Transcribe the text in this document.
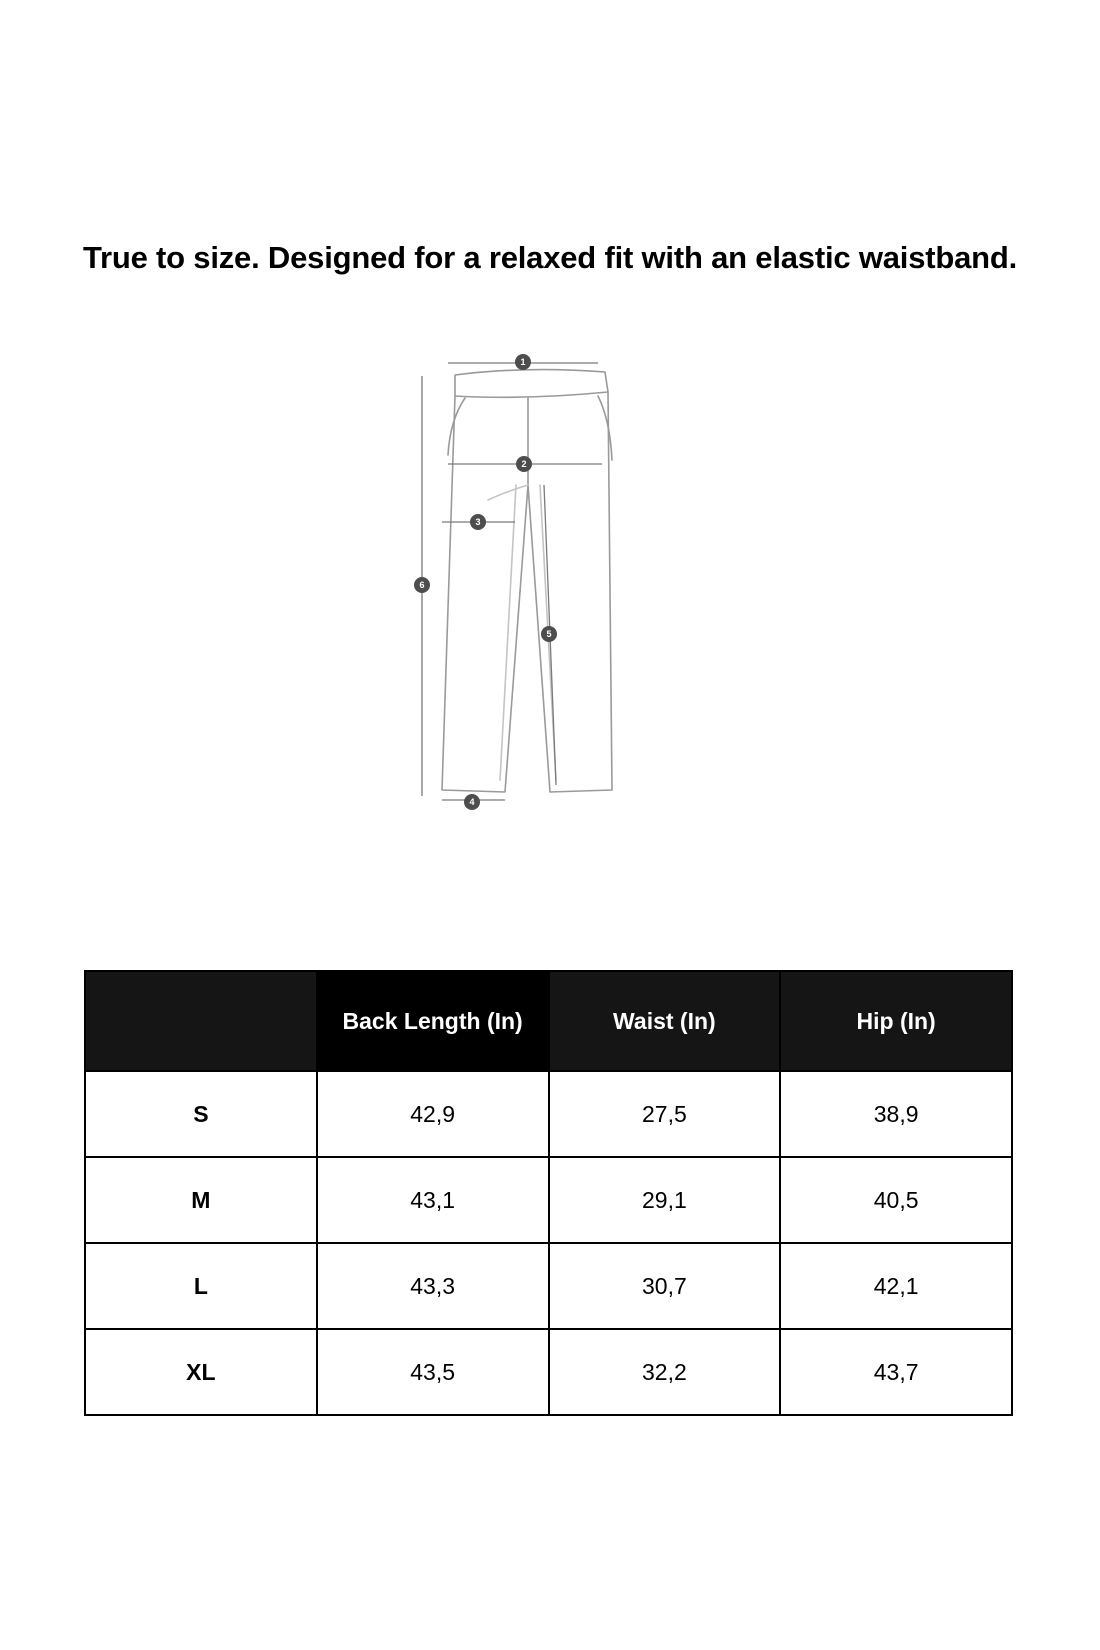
True to size. Designed for a relaxed fit with an elastic waistband.
1
2
3
6
5
4
	Back Length (In)	Waist (In)	Hip (In)
S	42,9	27,5	38,9
M	43,1	29,1	40,5
L	43,3	30,7	42,1
XL	43,5	32,2	43,7
